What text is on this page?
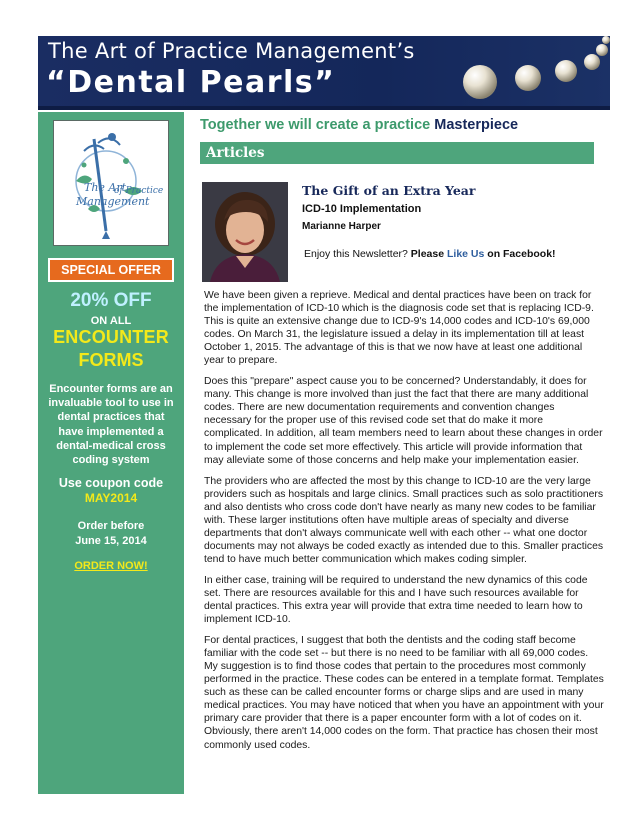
The Art of Practice Management’s
“Dental Pearls”
The Art
of Practice
Management
SPECIAL OFFER
20% OFF
ON ALL
ENCOUNTER
FORMS
Encounter forms are an invaluable tool to use in dental practices that have implemented a dental-medical cross coding system
Use coupon code
MAY2014
Order before
June 15, 2014
ORDER NOW!
Together we will create a practice Masterpiece
Articles
The Gift of an Extra Year
ICD-10 Implementation
Marianne Harper
Enjoy this Newsletter? Please Like Us on Facebook!

We have been given a reprieve. Medical and dental practices have been on track for the implementation of ICD-10 which is the diagnosis code set that is replacing ICD-9. This is quite an extensive change due to ICD-9's 14,000 codes and ICD-10's 69,000 codes. On March 31, the legislature issued a delay in its implementation till at least October 1, 2015. The advantage of this is that we now have at least one additional year to prepare.

Does this "prepare" aspect cause you to be concerned? Understandably, it does for many. This change is more involved than just the fact that there are many additional codes. There are new documentation requirements and convention changes necessary for the proper use of this revised code set that do make it more complicated. In addition, all team members need to learn about these changes in order to implement the code set more effectively. This article will provide information that may alleviate some of those concerns and help make your implementation easier.

The providers who are affected the most by this change to ICD-10 are the very large providers such as hospitals and large clinics. Small practices such as solo practitioners and also dentists who cross code don't have nearly as many new codes to be familiar with. These larger institutions often have multiple areas of specialty and diverse departments that don't always communicate well with each other -- what one doctor documents may not always be coded exactly as intended due to this. Smaller practices tend to have much better communication which makes coding simpler.

In either case, training will be required to understand the new dynamics of this code set. There are resources available for this and I have such resources available for dental practices. This extra year will provide that extra time needed to learn how to implement ICD-10.

For dental practices, I suggest that both the dentists and the coding staff become familiar with the code set -- but there is no need to be familiar with all 69,000 codes. My suggestion is to find those codes that pertain to the procedures most commonly performed in the practice. These codes can be entered in a template format. Templates such as these can be called encounter forms or charge slips and are used in many medical practices. You may have noticed that when you have an appointment with your primary care provider that there is a paper encounter form with a lot of codes on it. Obviously, there aren't 14,000 codes on the form. That practice has chosen their most commonly used codes.
